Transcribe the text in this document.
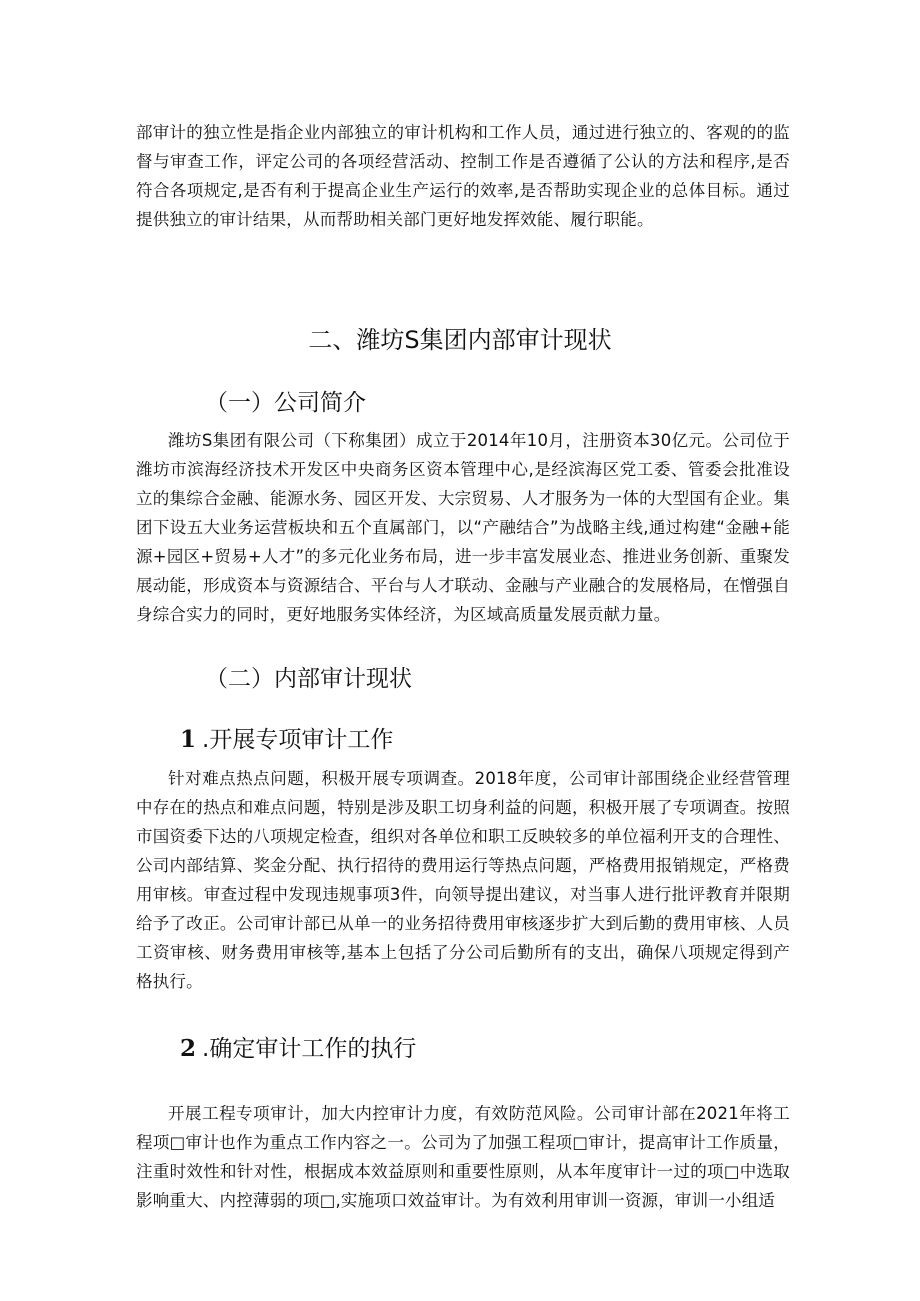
部审计的独立性是指企业内部独立的审计机构和工作人员，通过进行独立的、客观的的监督与审查工作，评定公司的各项经营活动、控制工作是否遵循了公认的方法和程序,是否符合各项规定,是否有利于提高企业生产运行的效率,是否帮助实现企业的总体目标。通过提供独立的审计结果，从而帮助相关部门更好地发挥效能、履行职能。

二、潍坊S集团内部审计现状
（一）公司简介

潍坊S集团有限公司（下称集团）成立于2014年10月，注册资本30亿元。公司位于潍坊市滨海经济技术开发区中央商务区资本管理中心,是经滨海区党工委、管委会批准设立的集综合金融、能源水务、园区开发、大宗贸易、人才服务为一体的大型国有企业。集团下设五大业务运营板块和五个直属部门，以“产融结合”为战略主线,通过构建“金融+能源+园区+贸易+人才”的多元化业务布局，进一步丰富发展业态、推进业务创新、重聚发展动能，形成资本与资源结合、平台与人才联动、金融与产业融合的发展格局，在憎强自身综合实力的同时，更好地服务实体经济，为区域高质量发展贡献力量。

（二）内部审计现状
1 .开展专项审计工作

针对难点热点问题，积极开展专项调查。2018年度，公司审计部围绕企业经营管理中存在的热点和难点问题，特别是涉及职工切身利益的问题，积极开展了专项调查。按照市国资委下达的八项规定检查，组织对各单位和职工反映较多的单位福利开支的合理性、公司内部结算、奖金分配、执行招待的费用运行等热点问题，严格费用报销规定，严格费用审核。审查过程中发现违规事项3件，向领导提出建议，对当事人进行批评教育并限期给予了改正。公司审计部已从单一的业务招待费用审核逐步扩大到后勤的费用审核、人员工资审核、财务费用审核等,基本上包括了分公司后勤所有的支出，确保八项规定得到产格执行。

2 .确定审计工作的执行

开展工程专项审计，加大内控审计力度，有效防范风险。公司审计部在2021年将工程项□审计也作为重点工作内容之一。公司为了加强工程项□审计，提高审计工作质量，注重时效性和针对性，根据成本效益原则和重要性原则，从本年度审计一过的项□中选取影响重大、内控薄弱的项□,实施项口效益审计。为有效利用审训一资源，审训一小组适
